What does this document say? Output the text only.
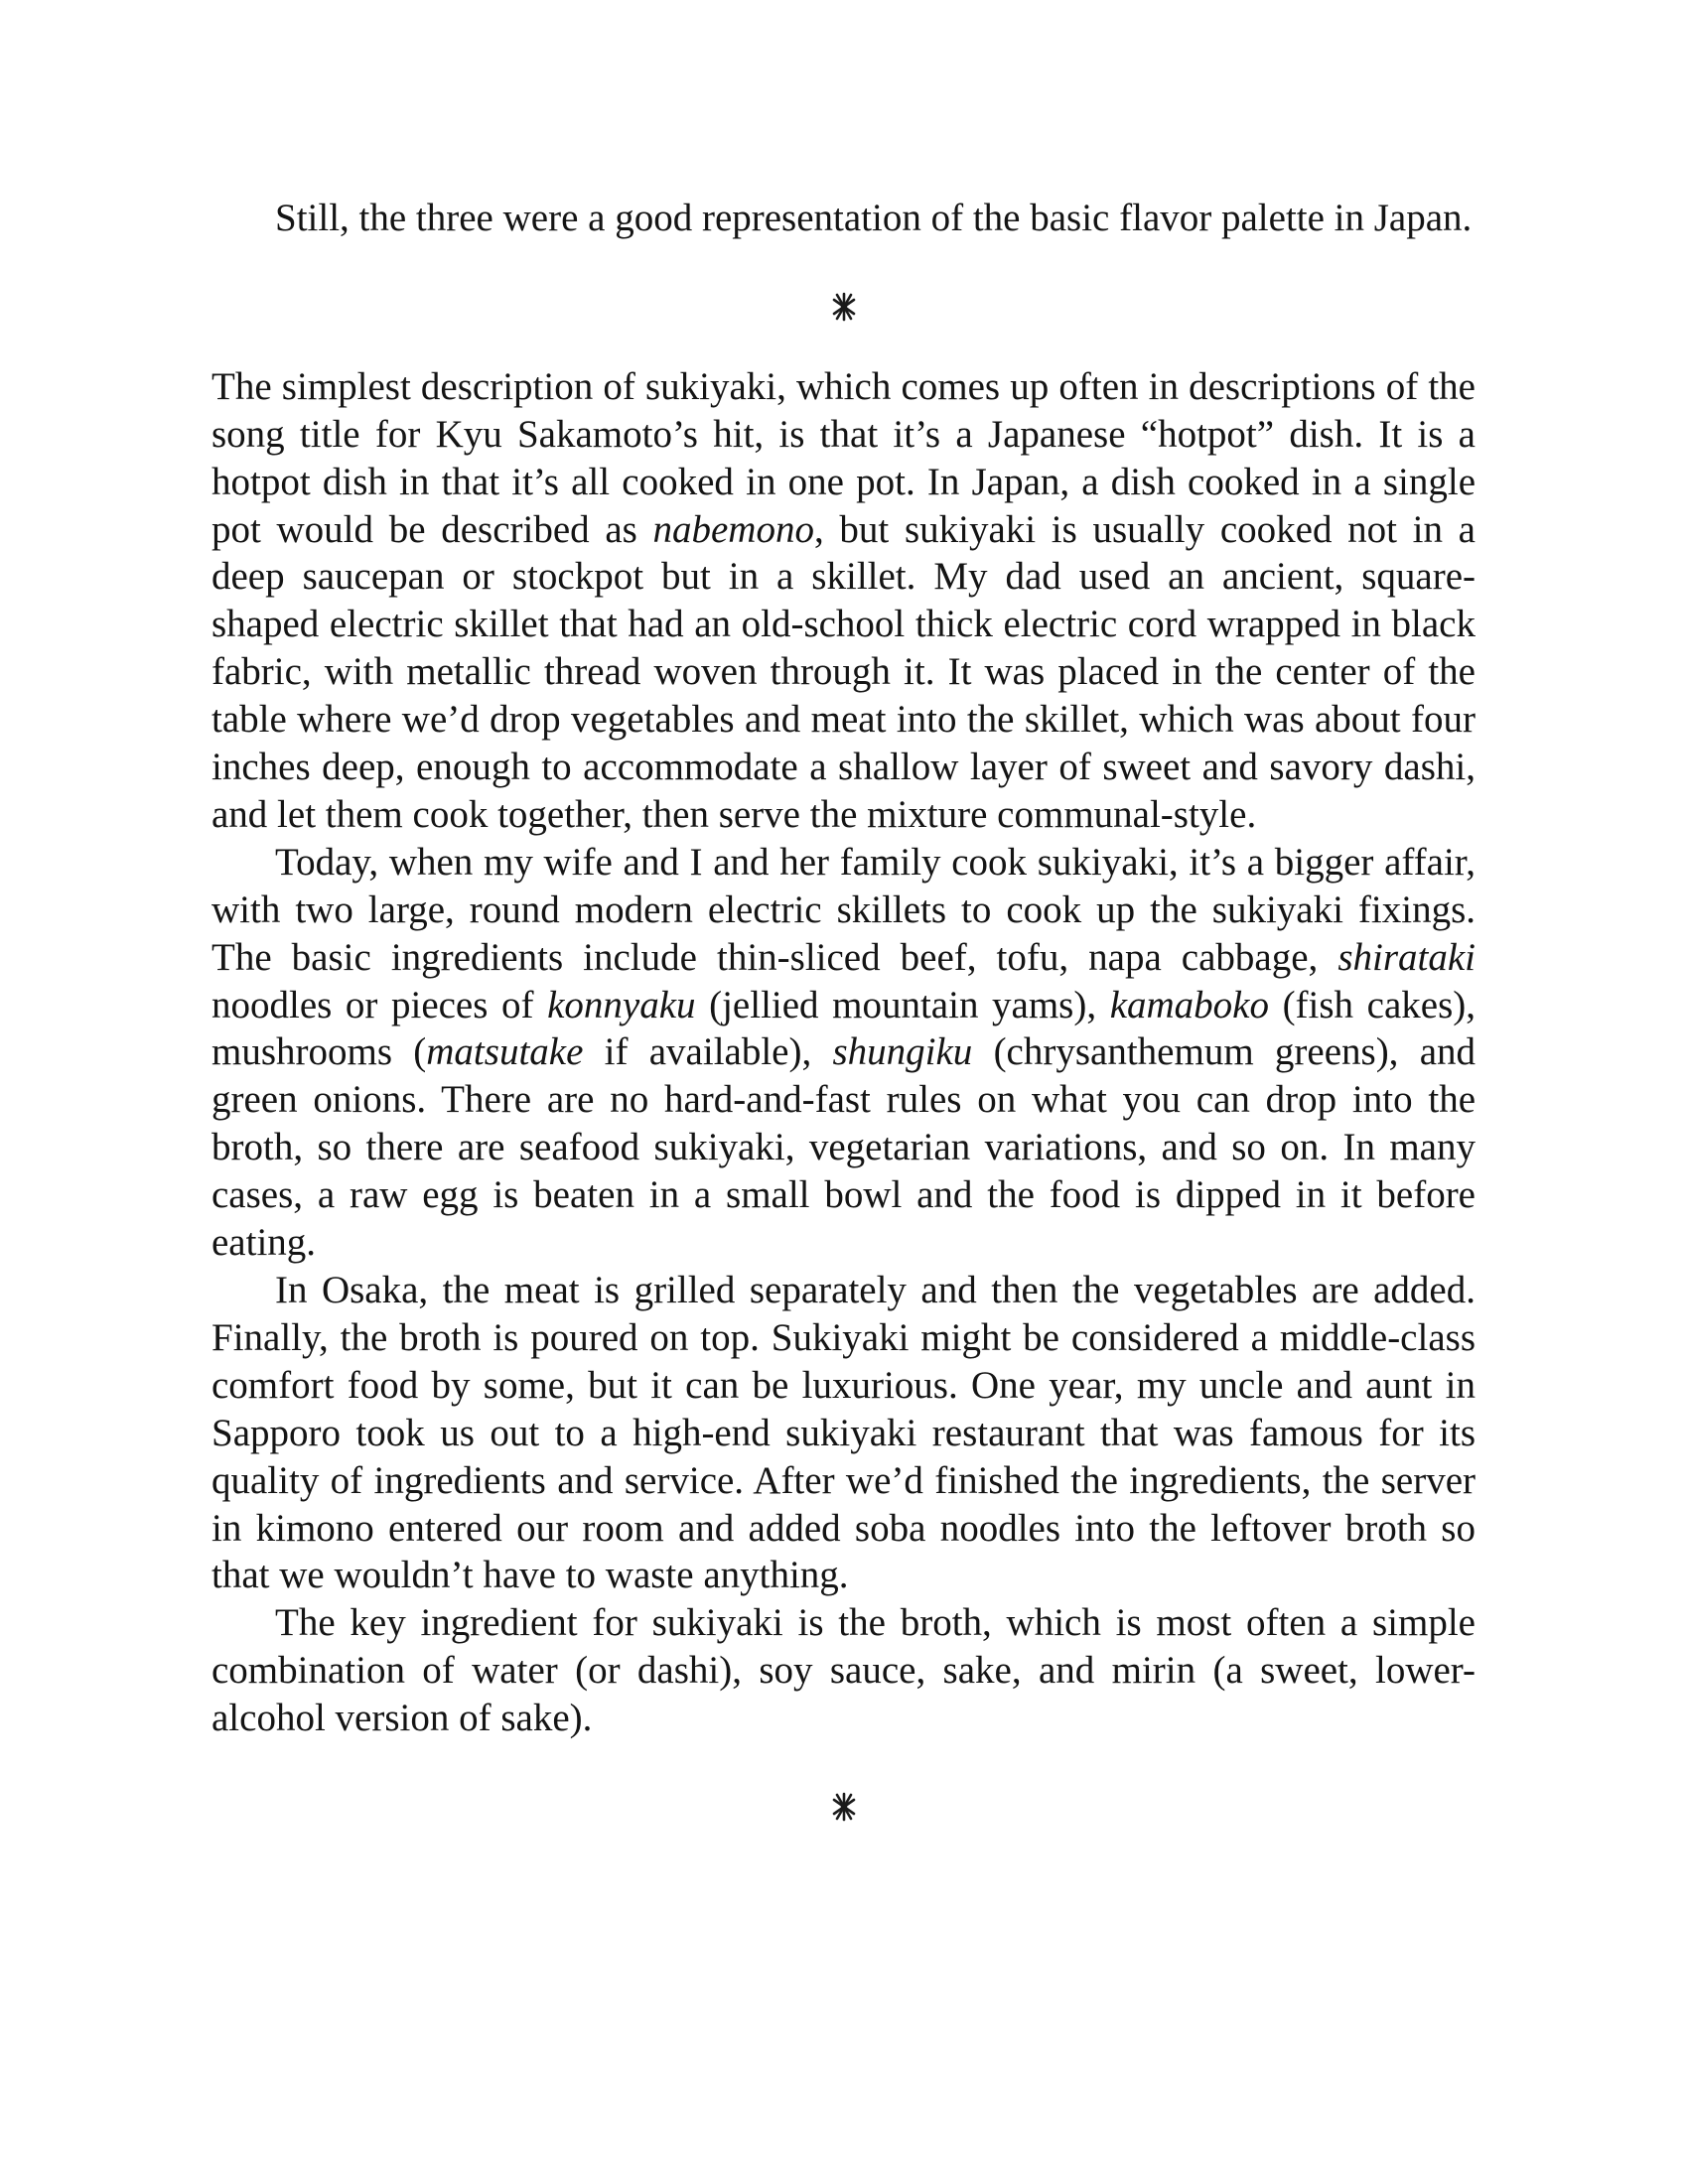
Still, the three were a good representation of the basic flavor palette in Japan.

The simplest description of sukiyaki, which comes up often in descriptions of the song title for Kyu Sakamoto’s hit, is that it’s a Japanese “hotpot” dish. It is a hotpot dish in that it’s all cooked in one pot. In Japan, a dish cooked in a single pot would be described as nabemono, but sukiyaki is usually cooked not in a deep saucepan or stockpot but in a skillet. My dad used an ancient, square-shaped electric skillet that had an old-school thick electric cord wrapped in black fabric, with metallic thread woven through it. It was placed in the center of the table where we’d drop vegetables and meat into the skillet, which was about four inches deep, enough to accommodate a shallow layer of sweet and savory dashi, and let them cook together, then serve the mixture communal-style.

Today, when my wife and I and her family cook sukiyaki, it’s a bigger affair, with two large, round modern electric skillets to cook up the sukiyaki fixings. The basic ingredients include thin-sliced beef, tofu, napa cabbage, shirataki noodles or pieces of konnyaku (jellied mountain yams), kamaboko (fish cakes), mushrooms (matsutake if available), shungiku (chrysanthemum greens), and green onions. There are no hard-and-fast rules on what you can drop into the broth, so there are seafood sukiyaki, vegetarian variations, and so on. In many cases, a raw egg is beaten in a small bowl and the food is dipped in it before eating.

In Osaka, the meat is grilled separately and then the vegetables are added. Finally, the broth is poured on top. Sukiyaki might be considered a middle-class comfort food by some, but it can be luxurious. One year, my uncle and aunt in Sapporo took us out to a high-end sukiyaki restaurant that was famous for its quality of ingredients and service. After we’d finished the ingredients, the server in kimono entered our room and added soba noodles into the leftover broth so that we wouldn’t have to waste anything.

The key ingredient for sukiyaki is the broth, which is most often a simple combination of water (or dashi), soy sauce, sake, and mirin (a sweet, lower-alcohol version of sake).
